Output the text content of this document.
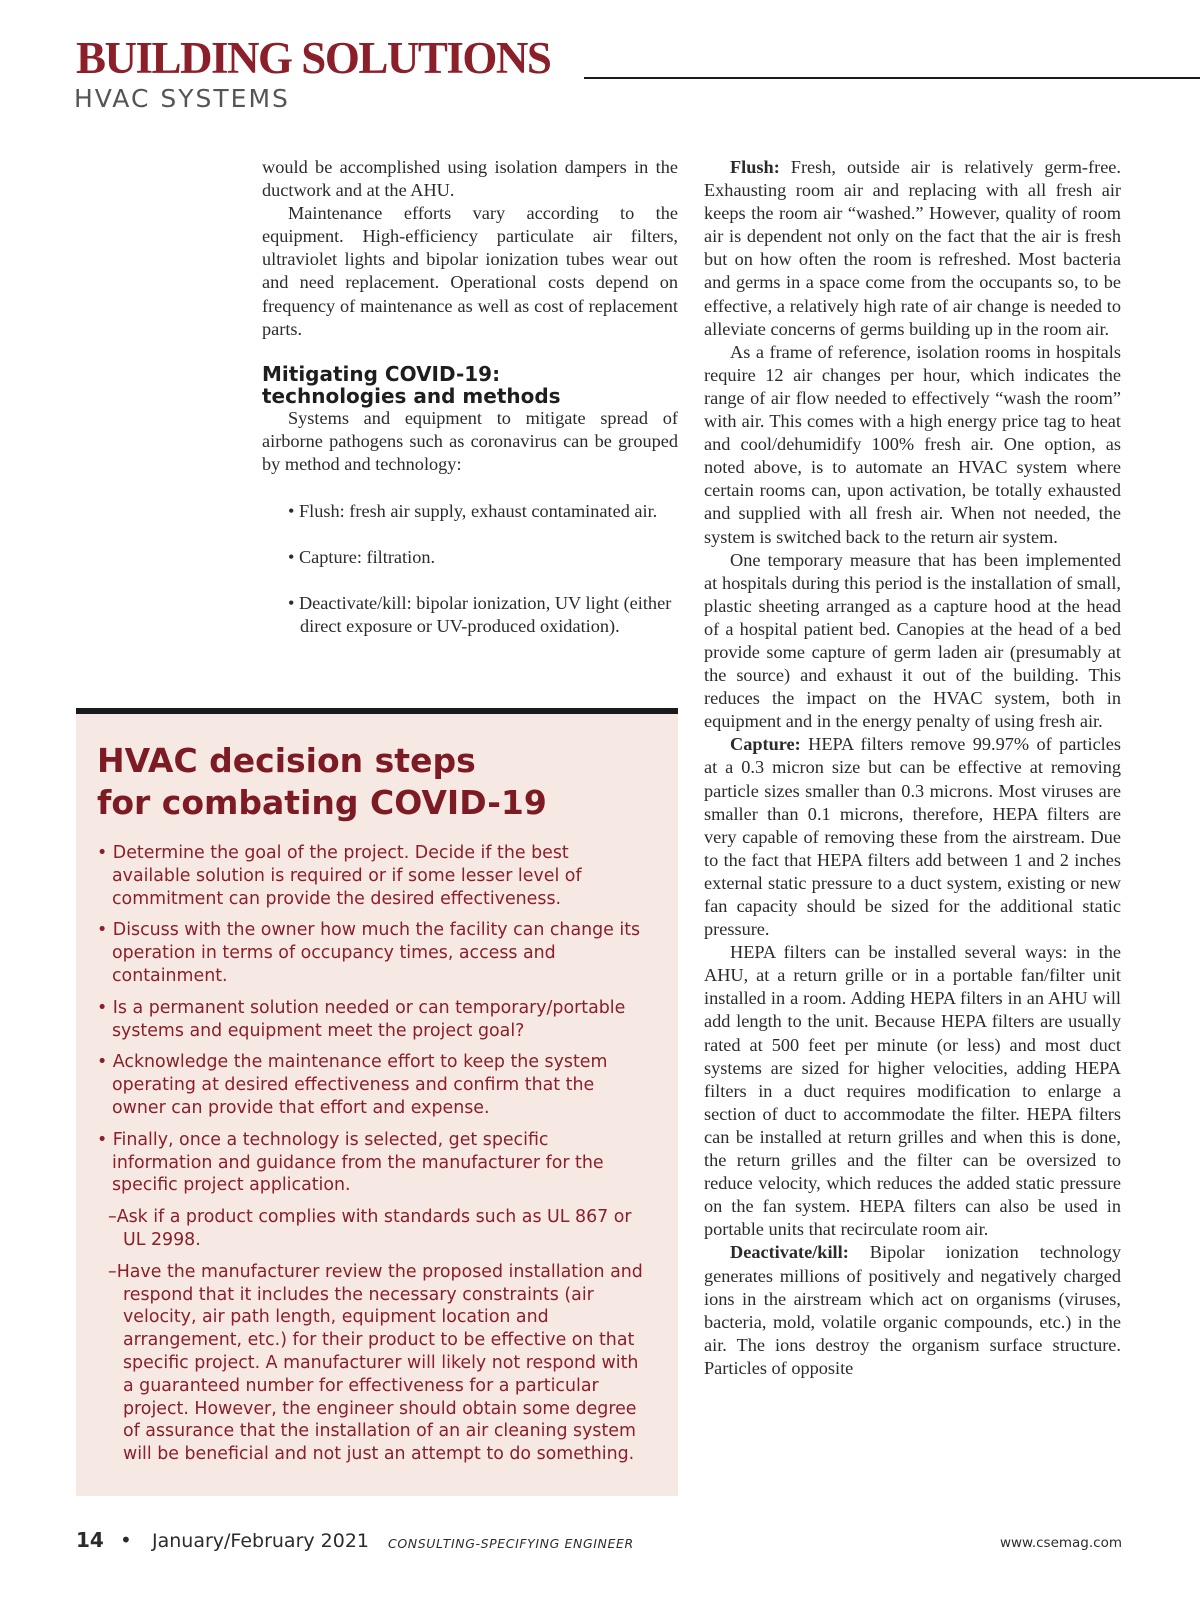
BUILDING SOLUTIONS
HVAC SYSTEMS

would be accomplished using isolation dampers in the ductwork and at the AHU.

Maintenance efforts vary according to the equipment. High-efficiency particulate air filters, ultraviolet lights and bipolar ionization tubes wear out and need replacement. Operational costs depend on frequency of maintenance as well as cost of replacement parts.

Mitigating COVID-19:
technologies and methods

Systems and equipment to mitigate spread of airborne pathogens such as coronavirus can be grouped by method and technology:

• Flush: fresh air supply, exhaust contaminated air.
• Capture: filtration.
• Deactivate/kill: bipolar ionization, UV light (either direct exposure or UV-produced oxidation).

Flush: Fresh, outside air is relatively germ-free. Exhausting room air and replacing with all fresh air keeps the room air “washed.” However, quality of room air is dependent not only on the fact that the air is fresh but on how often the room is refreshed. Most bacteria and germs in a space come from the occupants so, to be effective, a relatively high rate of air change is needed to alleviate concerns of germs building up in the room air.

As a frame of reference, isolation rooms in hospitals require 12 air changes per hour, which indicates the range of air flow needed to effectively “wash the room” with air. This comes with a high energy price tag to heat and cool/dehumidify 100% fresh air. One option, as noted above, is to automate an HVAC system where certain rooms can, upon activation, be totally exhausted and supplied with all fresh air. When not needed, the system is switched back to the return air system.

One temporary measure that has been implemented at hospitals during this period is the installation of small, plastic sheeting arranged as a capture hood at the head of a hospital patient bed. Canopies at the head of a bed provide some capture of germ laden air (presumably at the source) and exhaust it out of the building. This reduces the impact on the HVAC system, both in equipment and in the energy penalty of using fresh air.

Capture: HEPA filters remove 99.97% of particles at a 0.3 micron size but can be effective at removing particle sizes smaller than 0.3 microns. Most viruses are smaller than 0.1 microns, therefore, HEPA filters are very capable of removing these from the airstream. Due to the fact that HEPA filters add between 1 and 2 inches external static pressure to a duct system, existing or new fan capacity should be sized for the additional static pressure.

HEPA filters can be installed several ways: in the AHU, at a return grille or in a portable fan/filter unit installed in a room. Adding HEPA filters in an AHU will add length to the unit. Because HEPA filters are usually rated at 500 feet per minute (or less) and most duct systems are sized for higher velocities, adding HEPA filters in a duct requires modification to enlarge a section of duct to accommodate the filter. HEPA filters can be installed at return grilles and when this is done, the return grilles and the filter can be oversized to reduce velocity, which reduces the added static pressure on the fan system. HEPA filters can also be used in portable units that recirculate room air.

Deactivate/kill: Bipolar ionization technology generates millions of positively and negatively charged ions in the airstream which act on organisms (viruses, bacteria, mold, volatile organic compounds, etc.) in the air. The ions destroy the organism surface structure. Particles of opposite

HVAC decision steps
for combating COVID-19
• Determine the goal of the project. Decide if the best available solution is required or if some lesser level of commitment can provide the desired effectiveness.
• Discuss with the owner how much the facility can change its operation in terms of occupancy times, access and containment.
• Is a permanent solution needed or can temporary/portable systems and equipment meet the project goal?
• Acknowledge the maintenance effort to keep the system operating at desired effectiveness and confirm that the owner can provide that effort and expense.
• Finally, once a technology is selected, get specific information and guidance from the manufacturer for the specific project application.
–Ask if a product complies with standards such as UL 867 or UL 2998.
–Have the manufacturer review the proposed installation and respond that it includes the necessary constraints (air velocity, air path length, equipment location and arrangement, etc.) for their product to be effective on that specific project. A manufacturer will likely not respond with a guaranteed number for effectiveness for a particular project. However, the engineer should obtain some degree of assurance that the installation of an air cleaning system will be beneficial and not just an attempt to do something.
14 • January/February 2021 CONSULTING-SPECIFYING ENGINEER	www.csemag.com
